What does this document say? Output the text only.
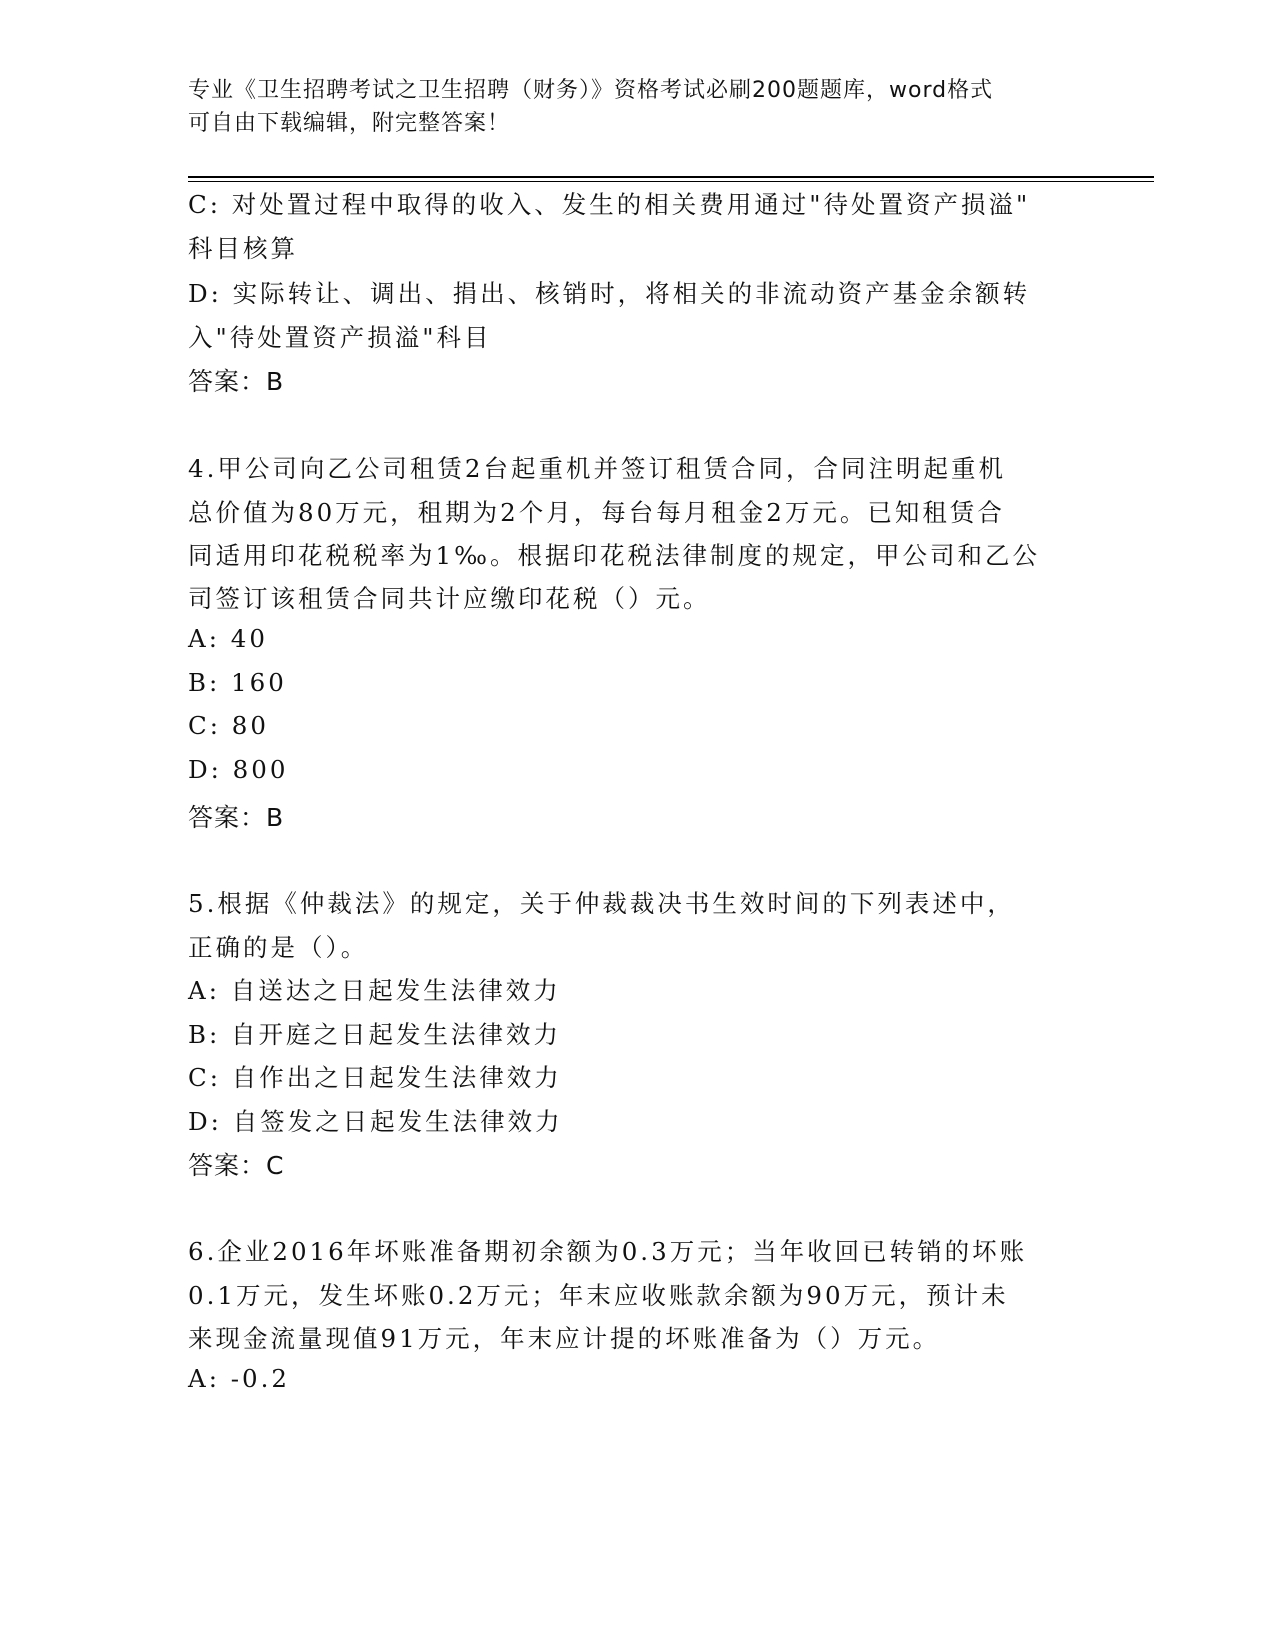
专业《卫生招聘考试之卫生招聘（财务）》资格考试必刷200题题库，word格式
可自由下载编辑，附完整答案！
C: 对处置过程中取得的收入、发生的相关费用通过"待处置资产损溢"
科目核算
D: 实际转让、调出、捐出、核销时，将相关的非流动资产基金余额转
入"待处置资产损溢"科目
答案：B
4.甲公司向乙公司租赁2台起重机并签订租赁合同，合同注明起重机
总价值为80万元，租期为2个月，每台每月租金2万元。已知租赁合
同适用印花税税率为1‰。根据印花税法律制度的规定，甲公司和乙公
司签订该租赁合同共计应缴印花税（）元。
A: 40
B: 160
C: 80
D: 800
答案：B
5.根据《仲裁法》的规定，关于仲裁裁决书生效时间的下列表述中，
正确的是（）。
A: 自送达之日起发生法律效力
B: 自开庭之日起发生法律效力
C: 自作出之日起发生法律效力
D: 自签发之日起发生法律效力
答案：C
6.企业2016年坏账准备期初余额为0.3万元；当年收回已转销的坏账
0.1万元，发生坏账0.2万元；年末应收账款余额为90万元，预计未
来现金流量现值91万元，年末应计提的坏账准备为（）万元。
A: -0.2
